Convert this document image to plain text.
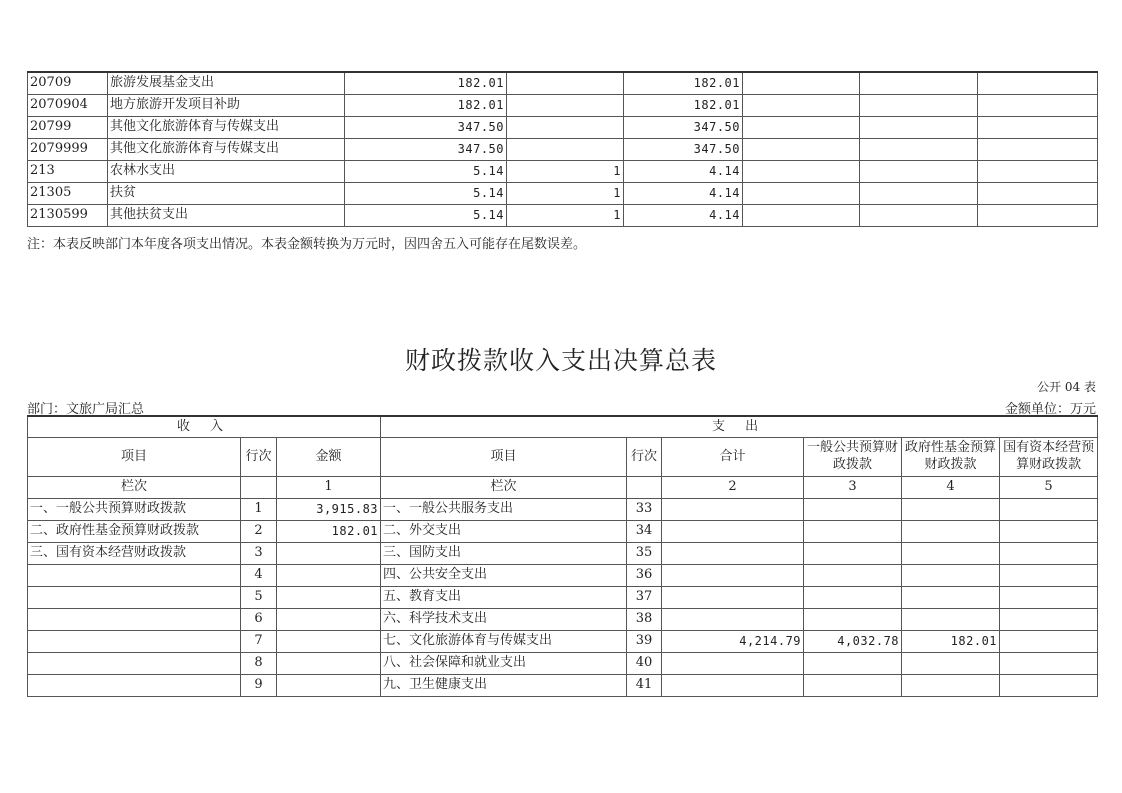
20709	旅游发展基金支出	182.01		182.01			
2070904	地方旅游开发项目补助	182.01		182.01			
20799	其他文化旅游体育与传媒支出	347.50		347.50			
2079999	其他文化旅游体育与传媒支出	347.50		347.50			
213	农林水支出	5.14	1	4.14			
21305	扶贫	5.14	1	4.14			
2130599	其他扶贫支出	5.14	1	4.14			
注：本表反映部门本年度各项支出情况。本表金额转换为万元时，因四舍五入可能存在尾数误差。
财政拨款收入支出决算总表
公开 04 表
部门：文旅广局汇总	金额单位：万元
收 入			支 出					
项目	行次	金额	项目	行次	合计	一般公共预算财政拨款	政府性基金预算财政拨款	国有资本经营预算财政拨款
栏次		1	栏次		2	3	4	5
一、一般公共预算财政拨款	1	3,915.83	一、一般公共服务支出	33				
二、政府性基金预算财政拨款	2	182.01	二、外交支出	34				
三、国有资本经营财政拨款	3		三、国防支出	35				
	4		四、公共安全支出	36				
	5		五、教育支出	37				
	6		六、科学技术支出	38				
	7		七、文化旅游体育与传媒支出	39	4,214.79	4,032.78	182.01	
	8		八、社会保障和就业支出	40				
	9		九、卫生健康支出	41				
